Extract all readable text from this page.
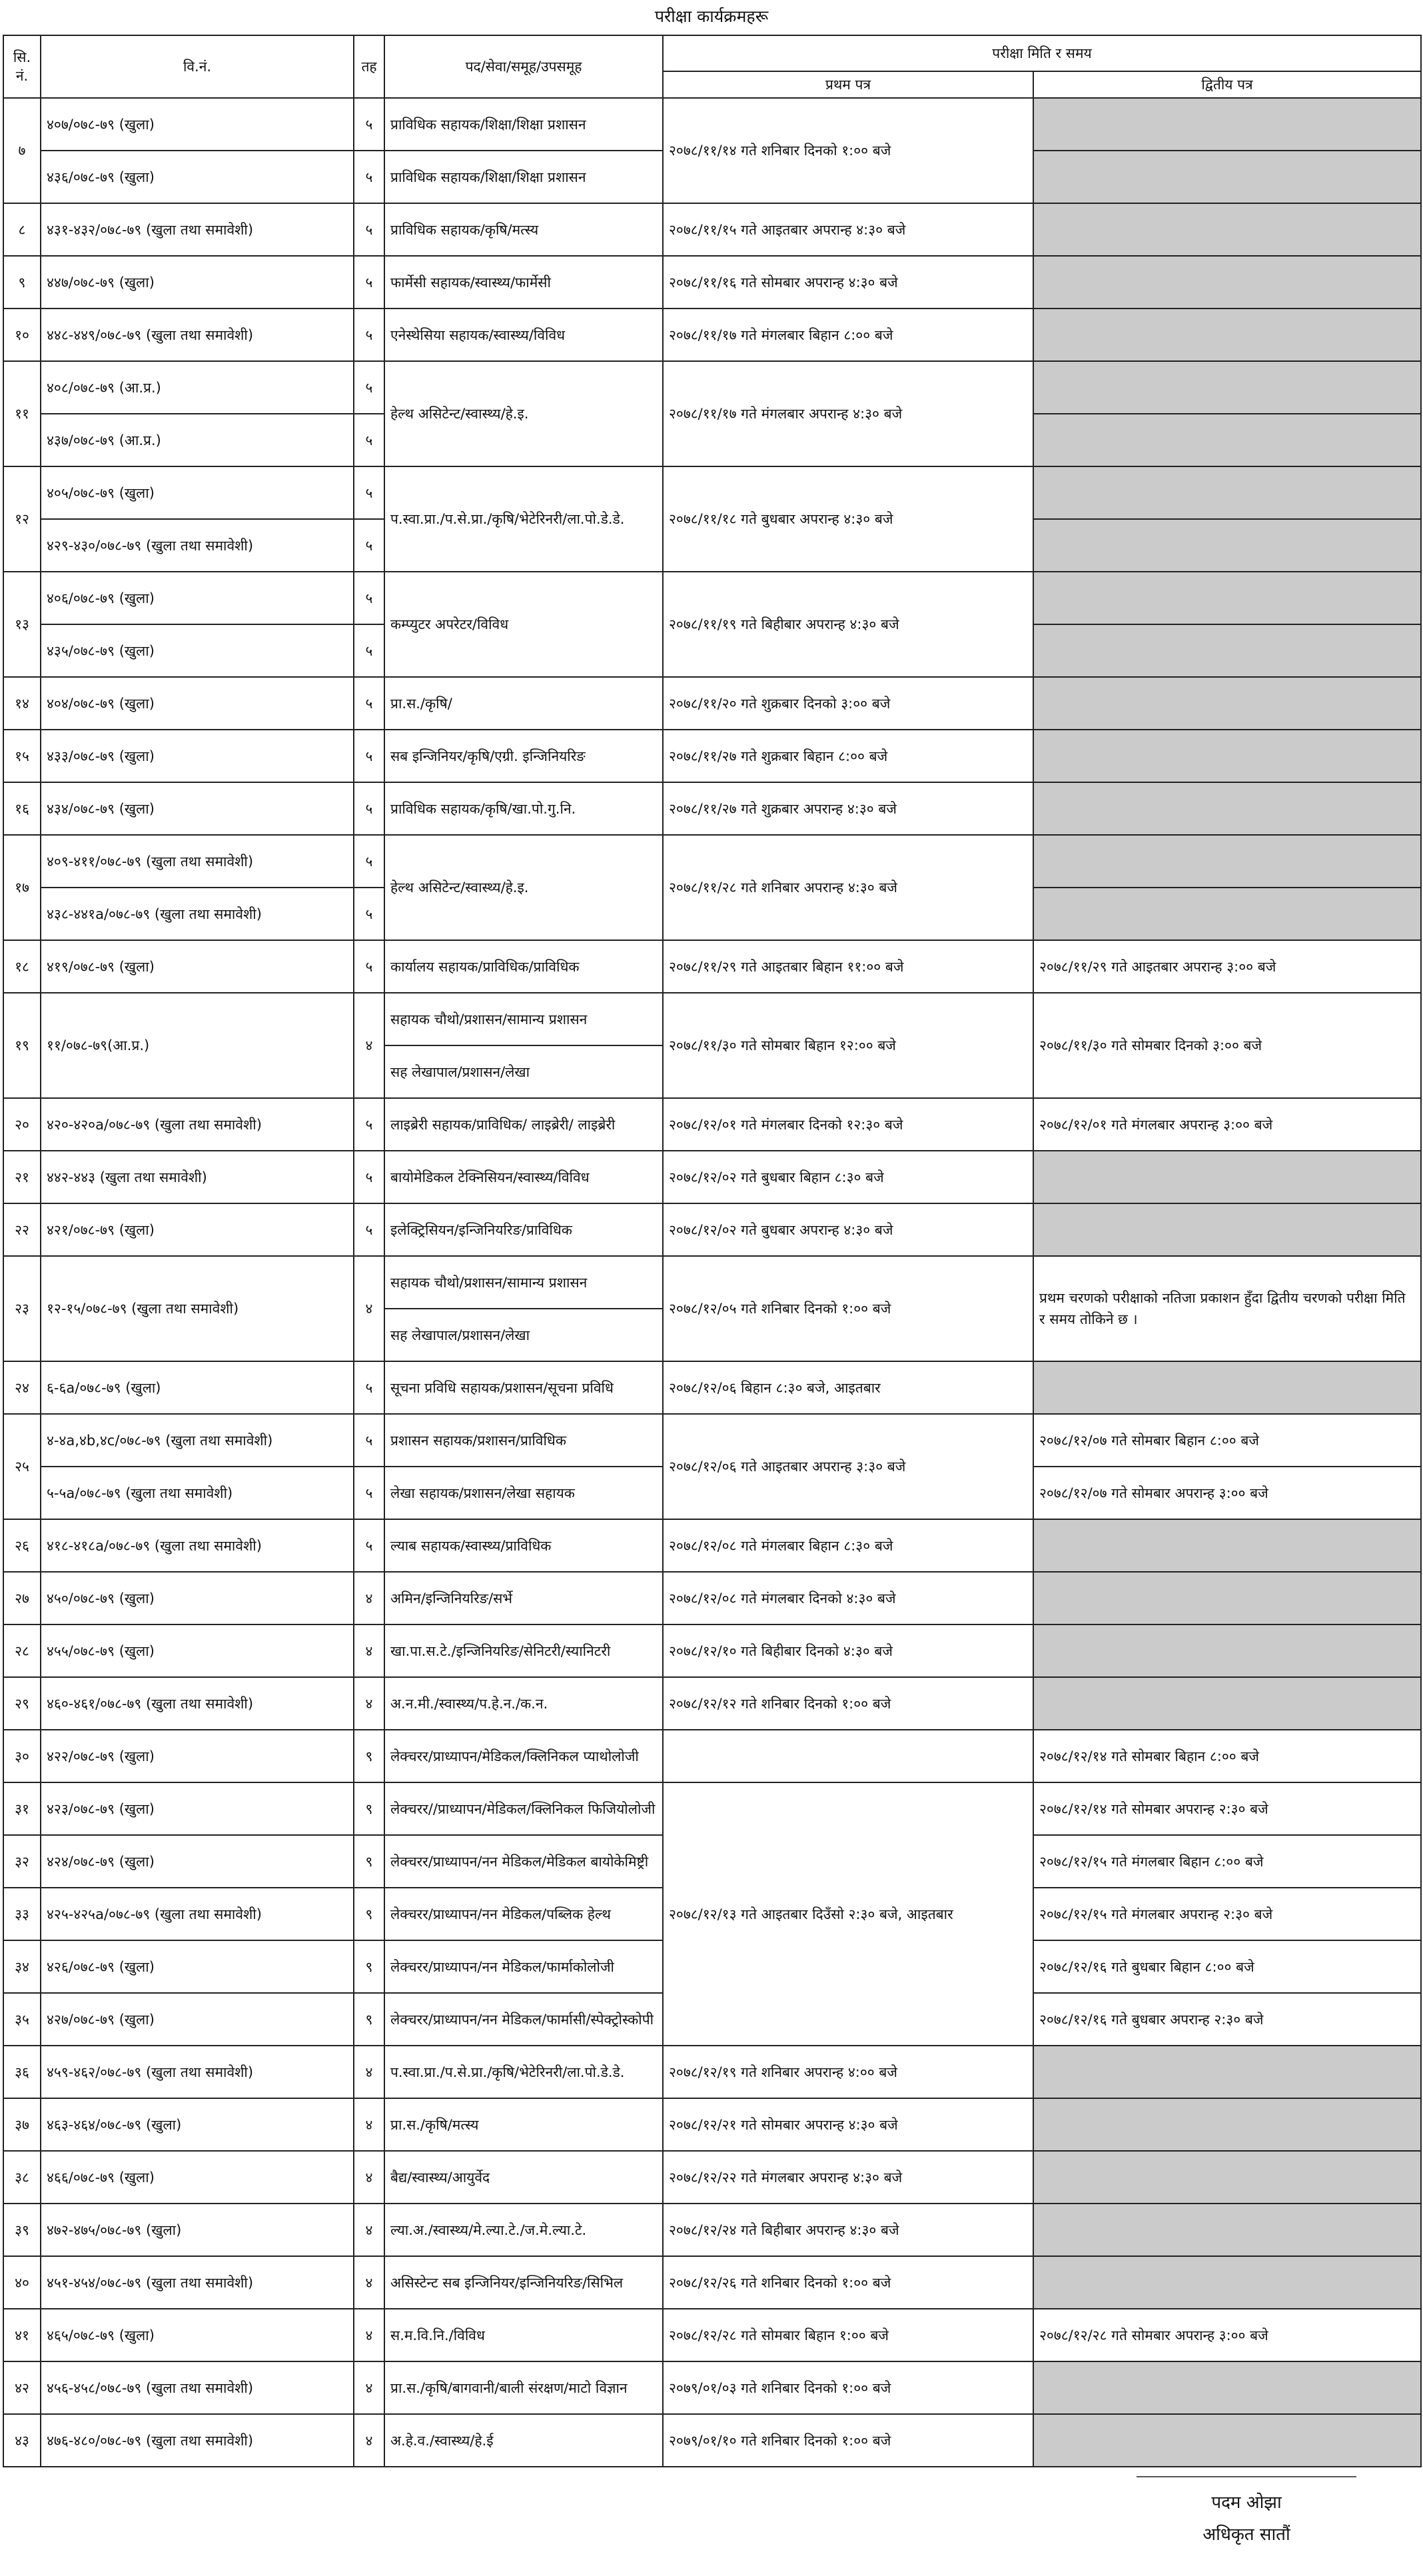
परीक्षा कार्यक्रमहरू
सि. नं.	वि.नं.	तह	पद/सेवा/समूह/उपसमूह	परीक्षा मिति र समय	
				प्रथम पत्र	द्वितीय पत्र
७	४०७/०७८-७९ (खुला)	५	प्राविधिक सहायक/शिक्षा/शिक्षा प्रशासन	२०७८/११/१४ गते शनिबार दिनको १:०० बजे	
	४३६/०७८-७९ (खुला)	५	प्राविधिक सहायक/शिक्षा/शिक्षा प्रशासन		
८	४३१-४३२/०७८-७९ (खुला तथा समावेशी)	५	प्राविधिक सहायक/कृषि/मत्स्य	२०७८/११/१५ गते आइतबार अपरान्ह ४:३० बजे	
९	४४७/०७८-७९ (खुला)	५	फार्मेसी सहायक/स्वास्थ्य/फार्मेसी	२०७८/११/१६ गते सोमबार अपरान्ह ४:३० बजे	
१०	४४८-४४९/०७८-७९ (खुला तथा समावेशी)	५	एनेस्थेसिया सहायक/स्वास्थ्य/विविध	२०७८/११/१७ गते मंगलबार बिहान ८:०० बजे	
११	४०८/०७८-७९ (आ.प्र.)	५	हेल्थ असिटेन्ट/स्वास्थ्य/हे.इ.	२०७८/११/१७ गते मंगलबार अपरान्ह ४:३० बजे	
	४३७/०७८-७९ (आ.प्र.)	५			
१२	४०५/०७८-७९ (खुला)	५	प.स्वा.प्रा./प.से.प्रा./कृषि/भेटेरिनरी/ला.पो.डे.डे.	२०७८/११/१८ गते बुधबार अपरान्ह ४:३० बजे	
	४२९-४३०/०७८-७९ (खुला तथा समावेशी)	५			
१३	४०६/०७८-७९ (खुला)	५	कम्प्युटर अपरेटर/विविध	२०७८/११/१९ गते बिहीबार अपरान्ह ४:३० बजे	
	४३५/०७८-७९ (खुला)	५			
१४	४०४/०७८-७९ (खुला)	५	प्रा.स./कृषि/	२०७८/११/२० गते शुक्रबार दिनको ३:०० बजे	
१५	४३३/०७८-७९ (खुला)	५	सब इन्जिनियर/कृषि/एग्री. इन्जिनियरिङ	२०७८/११/२७ गते शुक्रबार बिहान ८:०० बजे	
१६	४३४/०७८-७९ (खुला)	५	प्राविधिक सहायक/कृषि/खा.पो.गु.नि.	२०७८/११/२७ गते शुक्रबार अपरान्ह ४:३० बजे	
१७	४०९-४११/०७८-७९ (खुला तथा समावेशी)	५	हेल्थ असिटेन्ट/स्वास्थ्य/हे.इ.	२०७८/११/२८ गते शनिबार अपरान्ह ४:३० बजे	
	४३८-४४१a/०७८-७९ (खुला तथा समावेशी)	५			
१८	४१९/०७८-७९ (खुला)	५	कार्यालय सहायक/प्राविधिक/प्राविधिक	२०७८/११/२९ गते आइतबार बिहान ११:०० बजे	२०७८/११/२९ गते आइतबार अपरान्ह ३:०० बजे
१९	११/०७८-७९(आ.प्र.)	४	सहायक चौथो/प्रशासन/सामान्य प्रशासन	२०७८/११/३० गते सोमबार बिहान १२:०० बजे	२०७८/११/३० गते सोमबार दिनको ३:०० बजे
			सह लेखापाल/प्रशासन/लेखा		
२०	४२०-४२०a/०७८-७९ (खुला तथा समावेशी)	५	लाइब्रेरी सहायक/प्राविधिक/ लाइब्रेरी/ लाइब्रेरी	२०७८/१२/०१ गते मंगलबार दिनको १२:३० बजे	२०७८/१२/०१ गते मंगलबार अपरान्ह ३:०० बजे
२१	४४२-४४३ (खुला तथा समावेशी)	५	बायोमेडिकल टेक्निसियन/स्वास्थ्य/विविध	२०७८/१२/०२ गते बुधबार बिहान ८:३० बजे	
२२	४२१/०७८-७९ (खुला)	५	इलेक्ट्रिसियन/इन्जिनियरिङ/प्राविधिक	२०७८/१२/०२ गते बुधबार अपरान्ह ४:३० बजे	
२३	१२-१५/०७८-७९ (खुला तथा समावेशी)	४	सहायक चौथो/प्रशासन/सामान्य प्रशासन	२०७८/१२/०५ गते शनिबार दिनको १:०० बजे	प्रथम चरणको परीक्षाको नतिजा प्रकाशन हुँदा द्वितीय चरणको परीक्षा मिति र समय तोकिने छ ।
			सह लेखापाल/प्रशासन/लेखा		
२४	६-६a/०७८-७९ (खुला)	५	सूचना प्रविधि सहायक/प्रशासन/सूचना प्रविधि	२०७८/१२/०६ बिहान ८:३० बजे, आइतबार	
२५	४-४a,४b,४c/०७८-७९ (खुला तथा समावेशी)	५	प्रशासन सहायक/प्रशासन/प्राविधिक	२०७८/१२/०६ गते आइतबार अपरान्ह ३:३० बजे	२०७८/१२/०७ गते सोमबार बिहान ८:०० बजे
	५-५a/०७८-७९ (खुला तथा समावेशी)	५	लेखा सहायक/प्रशासन/लेखा सहायक		२०७८/१२/०७ गते सोमबार अपरान्ह ३:०० बजे
२६	४१८-४१८a/०७८-७९ (खुला तथा समावेशी)	५	ल्याब सहायक/स्वास्थ्य/प्राविधिक	२०७८/१२/०८ गते मंगलबार बिहान ८:३० बजे	
२७	४५०/०७८-७९ (खुला)	४	अमिन/इन्जिनियरिङ/सर्भे	२०७८/१२/०८ गते मंगलबार दिनको ४:३० बजे	
२८	४५५/०७८-७९ (खुला)	४	खा.पा.स.टे./इन्जिनियरिङ/सेनिटरी/स्यानिटरी	२०७८/१२/१० गते बिहीबार दिनको ४:३० बजे	
२९	४६०-४६१/०७८-७९ (खुला तथा समावेशी)	४	अ.न.मी./स्वास्थ्य/प.हे.न./क.न.	२०७८/१२/१२ गते शनिबार दिनको १:०० बजे	
३०	४२२/०७८-७९ (खुला)	९	लेक्चरर/प्राध्यापन/मेडिकल/क्लिनिकल प्याथोलोजी		२०७८/१२/१४ गते सोमबार बिहान ८:०० बजे
३१	४२३/०७८-७९ (खुला)	९	लेक्चरर//प्राध्यापन/मेडिकल/क्लिनिकल फिजियोलोजी	२०७८/१२/१३ गते आइतबार दिउँसो २:३० बजे, आइतबार	२०७८/१२/१४ गते सोमबार अपरान्ह २:३० बजे
३२	४२४/०७८-७९ (खुला)	९	लेक्चरर/प्राध्यापन/नन मेडिकल/मेडिकल बायोकेमिष्ट्री		२०७८/१२/१५ गते मंगलबार बिहान ८:०० बजे
३३	४२५-४२५a/०७८-७९ (खुला तथा समावेशी)	९	लेक्चरर/प्राध्यापन/नन मेडिकल/पब्लिक हेल्थ		२०७८/१२/१५ गते मंगलबार अपरान्ह २:३० बजे
३४	४२६/०७८-७९ (खुला)	९	लेक्चरर/प्राध्यापन/नन मेडिकल/फार्माकोलोजी		२०७८/१२/१६ गते बुधबार बिहान ८:०० बजे
३५	४२७/०७८-७९ (खुला)	९	लेक्चरर/प्राध्यापन/नन मेडिकल/फार्मासी/स्पेक्ट्रोस्कोपी		२०७८/१२/१६ गते बुधबार अपरान्ह २:३० बजे
३६	४५९-४६२/०७८-७९ (खुला तथा समावेशी)	४	प.स्वा.प्रा./प.से.प्रा./कृषि/भेटेरिनरी/ला.पो.डे.डे.	२०७८/१२/१९ गते शनिबार अपरान्ह ४:०० बजे	
३७	४६३-४६४/०७८-७९ (खुला)	४	प्रा.स./कृषि/मत्स्य	२०७८/१२/२१ गते सोमबार अपरान्ह ४:३० बजे	
३८	४६६/०७८-७९ (खुला)	४	बैद्य/स्वास्थ्य/आयुर्वेद	२०७८/१२/२२ गते मंगलबार अपरान्ह ४:३० बजे	
३९	४७२-४७५/०७८-७९ (खुला)	४	ल्या.अ./स्वास्थ्य/मे.ल्या.टे./ज.मे.ल्या.टे.	२०७८/१२/२४ गते बिहीबार अपरान्ह ४:३० बजे	
४०	४५१-४५४/०७८-७९ (खुला तथा समावेशी)	४	असिस्टेन्ट सब इन्जिनियर/इन्जिनियरिङ/सिभिल	२०७८/१२/२६ गते शनिबार दिनको १:०० बजे	
४१	४६५/०७८-७९ (खुला)	४	स.म.वि.नि./विविध	२०७८/१२/२८ गते सोमबार बिहान १:०० बजे	२०७८/१२/२८ गते सोमबार अपरान्ह ३:०० बजे
४२	४५६-४५८/०७८-७९ (खुला तथा समावेशी)	४	प्रा.स./कृषि/बागवानी/बाली संरक्षण/माटो विज्ञान	२०७९/०१/०३ गते शनिबार दिनको १:०० बजे	
४३	४७६-४८०/०७८-७९ (खुला तथा समावेशी)	४	अ.हे.व./स्वास्थ्य/हे.ई	२०७९/०१/१० गते शनिबार दिनको १:०० बजे	
पदम ओझा
अधिकृत सातौं
